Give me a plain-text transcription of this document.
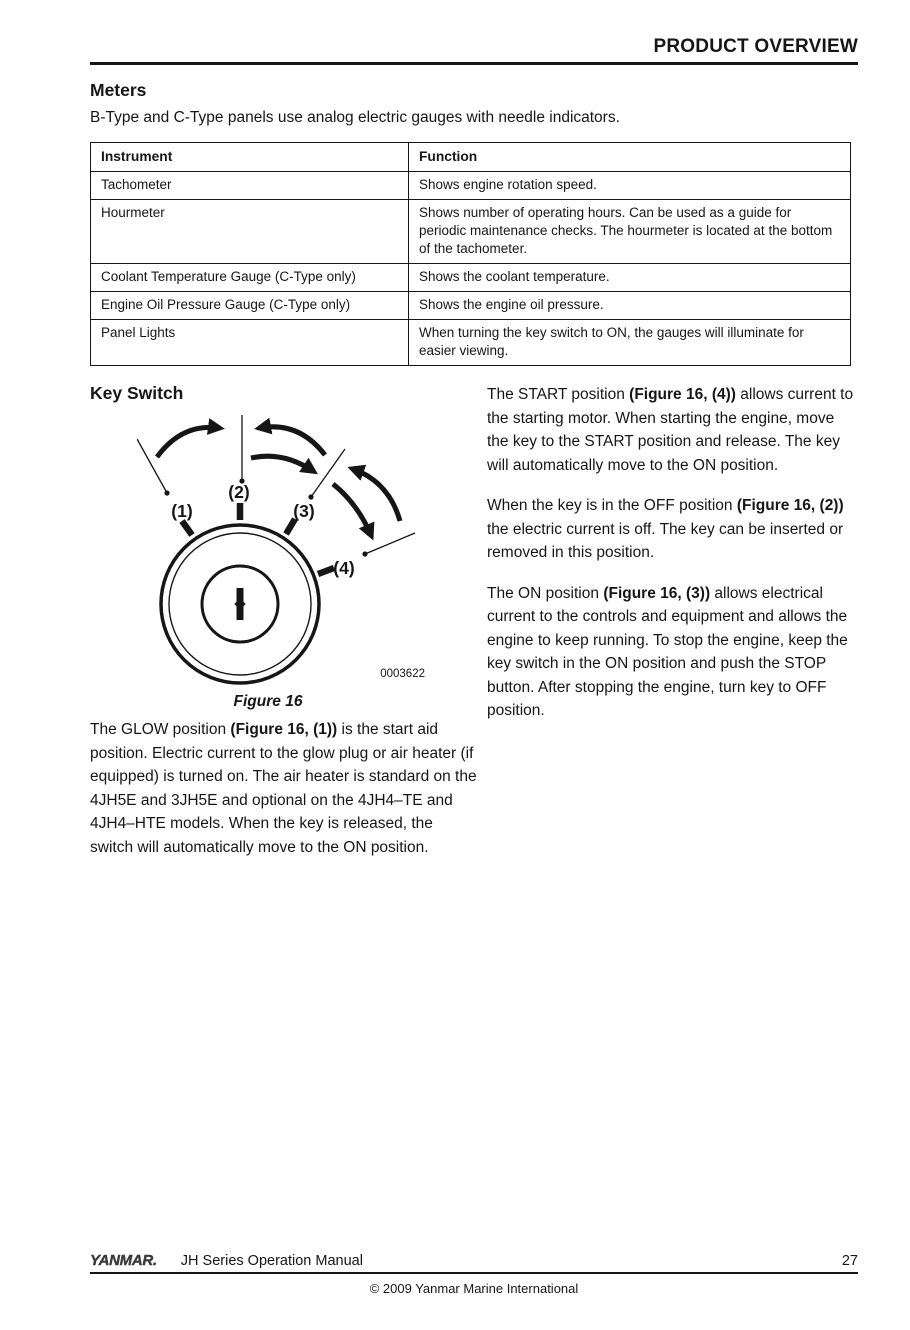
PRODUCT OVERVIEW
Meters

B-Type and C-Type panels use analog electric gauges with needle indicators.

Instrument	Function
Tachometer	Shows engine rotation speed.
Hourmeter	Shows number of operating hours. Can be used as a guide for periodic maintenance checks. The hourmeter is located at the bottom of the tachometer.
Coolant Temperature Gauge (C-Type only)	Shows the coolant temperature.
Engine Oil Pressure Gauge (C-Type only)	Shows the engine oil pressure.
Panel Lights	When turning the key switch to ON, the gauges will illuminate for easier viewing.
Key Switch
(1)
(2)
(3)
(4)
0003622
Figure 16

The GLOW position (Figure 16, (1)) is the start aid position. Electric current to the glow plug or air heater (if equipped) is turned on. The air heater is standard on the 4JH5E and 3JH5E and optional on the 4JH4–TE and 4JH4–HTE models. When the key is released, the switch will automatically move to the ON position.

The START position (Figure 16, (4)) allows current to the starting motor. When starting the engine, move the key to the START position and release. The key will automatically move to the ON position.

When the key is in the OFF position (Figure 16, (2)) the electric current is off. The key can be inserted or removed in this position.

The ON position (Figure 16, (3)) allows electrical current to the controls and equipment and allows the engine to keep running. To stop the engine, keep the key switch in the ON position and push the STOP button. After stopping the engine, turn key to OFF position.

YANMAR. JH Series Operation Manual	27
© 2009 Yanmar Marine International
